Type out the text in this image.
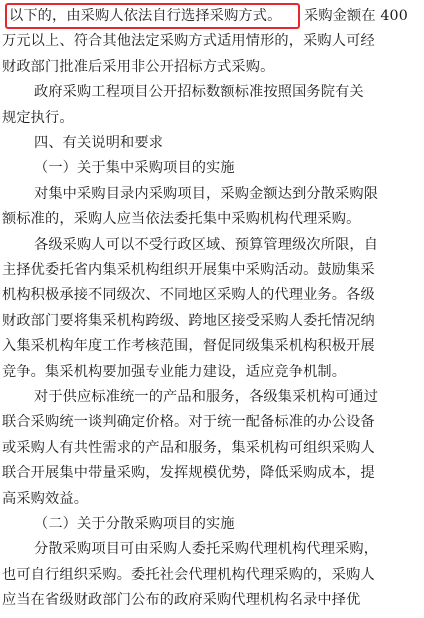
以下的，由采购人依法自行选择采购方式。 采购金额在 400
万元以上、符合其他法定采购方式适用情形的，采购人可经
财政部门批准后采用非公开招标方式采购。
政府采购工程项目公开招标数额标准按照国务院有关
规定执行。
四、有关说明和要求
（一）关于集中采购项目的实施
对集中采购目录内采购项目，采购金额达到分散采购限
额标准的，采购人应当依法委托集中采购机构代理采购。
各级采购人可以不受行政区域、预算管理级次所限，自
主择优委托省内集采机构组织开展集中采购活动。鼓励集采
机构积极承接不同级次、不同地区采购人的代理业务。各级
财政部门要将集采机构跨级、跨地区接受采购人委托情况纳
入集采机构年度工作考核范围，督促同级集采机构积极开展
竞争。集采机构要加强专业能力建设，适应竞争机制。
对于供应标准统一的产品和服务，各级集采机构可通过
联合采购统一谈判确定价格。对于统一配备标准的办公设备
或采购人有共性需求的产品和服务，集采机构可组织采购人
联合开展集中带量采购，发挥规模优势，降低采购成本，提
高采购效益。
（二）关于分散采购项目的实施
分散采购项目可由采购人委托采购代理机构代理采购，
也可自行组织采购。委托社会代理机构代理采购的，采购人
应当在省级财政部门公布的政府采购代理机构名录中择优
